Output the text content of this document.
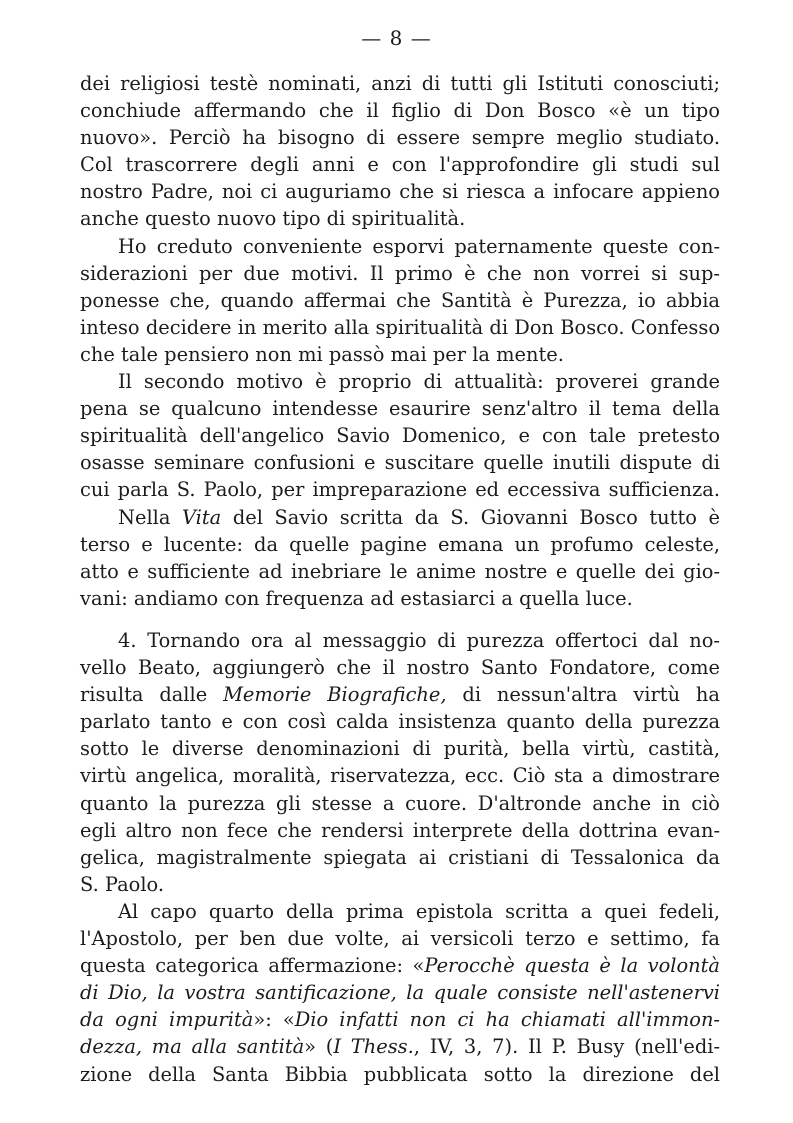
— 8 —
dei religiosi testè nominati, anzi di tutti gli Istituti conosciuti;
conchiude affermando che il figlio di Don Bosco «è un tipo
nuovo». Perciò ha bisogno di essere sempre meglio studiato.
Col trascorrere degli anni e con l'approfondire gli studi sul
nostro Padre, noi ci auguriamo che si riesca a infocare appieno
anche questo nuovo tipo di spiritualità.
Ho creduto conveniente esporvi paternamente queste con-
siderazioni per due motivi. Il primo è che non vorrei si sup-
ponesse che, quando affermai che Santità è Purezza, io abbia
inteso decidere in merito alla spiritualità di Don Bosco. Confesso
che tale pensiero non mi passò mai per la mente.
Il secondo motivo è proprio di attualità: proverei grande
pena se qualcuno intendesse esaurire senz'altro il tema della
spiritualità dell'angelico Savio Domenico, e con tale pretesto
osasse seminare confusioni e suscitare quelle inutili dispute di
cui parla S. Paolo, per impreparazione ed eccessiva sufficienza.
Nella Vita del Savio scritta da S. Giovanni Bosco tutto è
terso e lucente: da quelle pagine emana un profumo celeste,
atto e sufficiente ad inebriare le anime nostre e quelle dei gio-
vani: andiamo con frequenza ad estasiarci a quella luce.
4. Tornando ora al messaggio di purezza offertoci dal no-
vello Beato, aggiungerò che il nostro Santo Fondatore, come
risulta dalle Memorie Biografiche, di nessun'altra virtù ha
parlato tanto e con così calda insistenza quanto della purezza
sotto le diverse denominazioni di purità, bella virtù, castità,
virtù angelica, moralità, riservatezza, ecc. Ciò sta a dimostrare
quanto la purezza gli stesse a cuore. D'altronde anche in ciò
egli altro non fece che rendersi interprete della dottrina evan-
gelica, magistralmente spiegata ai cristiani di Tessalonica da
S. Paolo.
Al capo quarto della prima epistola scritta a quei fedeli,
l'Apostolo, per ben due volte, ai versicoli terzo e settimo, fa
questa categorica affermazione: «Perocchè questa è la volontà
di Dio, la vostra santificazione, la quale consiste nell'astenervi
da ogni impurità»: «Dio infatti non ci ha chiamati all'immon-
dezza, ma alla santità» (I Thess., IV, 3, 7). Il P. Busy (nell'edi-
zione della Santa Bibbia pubblicata sotto la direzione del
